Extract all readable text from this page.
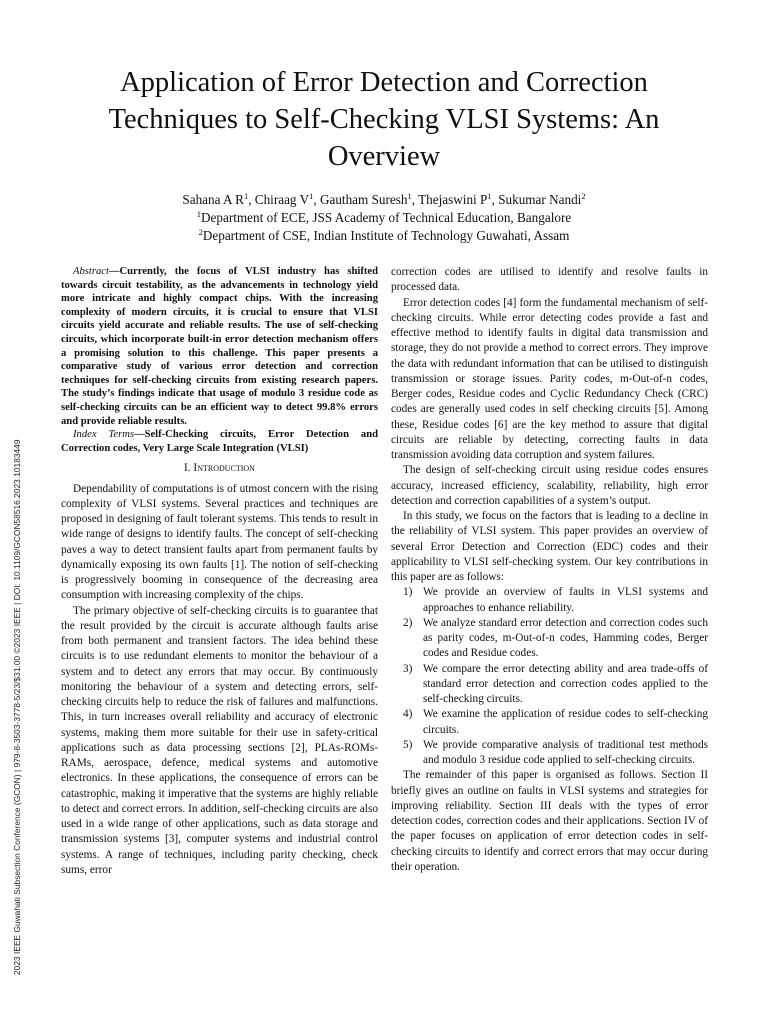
2023 IEEE Guwahati Subsection Conference (GCON) | 979-8-3503-3778-5/23/$31.00 ©2023 IEEE | DOI: 10.1109/GCON58516.2023.10183449
Application of Error Detection and Correction Techniques to Self-Checking VLSI Systems: An Overview
Sahana A $R^1$, Chiraag $V^1$, Gautham Suresh$^1$, Thejaswini $P^1$, Sukumar Nandi$^2$
$^1$Department of ECE, JSS Academy of Technical Education, Bangalore
$^2$Department of CSE, Indian Institute of Technology Guwahati, Assam

Abstract—Currently, the focus of VLSI industry has shifted towards circuit testability, as the advancements in technology yield more intricate and highly compact chips. With the increasing complexity of modern circuits, it is crucial to ensure that VLSI circuits yield accurate and reliable results. The use of self-checking circuits, which incorporate built-in error detection mechanism offers a promising solution to this challenge. This paper presents a comparative study of various error detection and correction techniques for self-checking circuits from existing research papers. The study’s findings indicate that usage of modulo 3 residue code as self-checking circuits can be an efficient way to detect 99.8% errors and provide reliable results.

Index Terms—Self-Checking circuits, Error Detection and Correction codes, Very Large Scale Integration (VLSI)

I. Introduction

Dependability of computations is of utmost concern with the rising complexity of VLSI systems. Several practices and techniques are proposed in designing of fault tolerant systems. This tends to result in wide range of designs to identify faults. The concept of self-checking paves a way to detect transient faults apart from permanent faults by dynamically exposing its own faults [1]. The notion of self-checking is progressively booming in consequence of the decreasing area consumption with increasing complexity of the chips.

The primary objective of self-checking circuits is to guarantee that the result provided by the circuit is accurate although faults arise from both permanent and transient factors. The idea behind these circuits is to use redundant elements to monitor the behaviour of a system and to detect any errors that may occur. By continuously monitoring the behaviour of a system and detecting errors, self-checking circuits help to reduce the risk of failures and malfunctions. This, in turn increases overall reliability and accuracy of electronic systems, making them more suitable for their use in safety-critical applications such as data processing sections [2], PLAs-ROMs-RAMs, aerospace, defence, medical systems and automotive electronics. In these applications, the consequence of errors can be catastrophic, making it imperative that the systems are highly reliable to detect and correct errors. In addition, self-checking circuits are also used in a wide range of other applications, such as data storage and transmission systems [3], computer systems and industrial control systems. A range of techniques, including parity checking, check sums, error

correction codes are utilised to identify and resolve faults in processed data.

Error detection codes [4] form the fundamental mechanism of self-checking circuits. While error detecting codes provide a fast and effective method to identify faults in digital data transmission and storage, they do not provide a method to correct errors. They improve the data with redundant information that can be utilised to distinguish transmission or storage issues. Parity codes, m-Out-of-n codes, Berger codes, Residue codes and Cyclic Redundancy Check (CRC) codes are generally used codes in self checking circuits [5]. Among these, Residue codes [6] are the key method to assure that digital circuits are reliable by detecting, correcting faults in data transmission avoiding data corruption and system failures.

The design of self-checking circuit using residue codes ensures accuracy, increased efficiency, scalability, reliability, high error detection and correction capabilities of a system’s output.

In this study, we focus on the factors that is leading to a decline in the reliability of VLSI system. This paper provides an overview of several Error Detection and Correction (EDC) codes and their applicability to VLSI self-checking system. Our key contributions in this paper are as follows:

1) We provide an overview of faults in VLSI systems and approaches to enhance reliability.
2) We analyze standard error detection and correction codes such as parity codes, m-Out-of-n codes, Hamming codes, Berger codes and Residue codes.
3) We compare the error detecting ability and area trade-offs of standard error detection and correction codes applied to the self-checking circuits.
4) We examine the application of residue codes to self-checking circuits.
5) We provide comparative analysis of traditional test methods and modulo 3 residue code applied to self-checking circuits.

The remainder of this paper is organised as follows. Section II briefly gives an outline on faults in VLSI systems and strategies for improving reliability. Section III deals with the types of error detection codes, correction codes and their applications. Section IV of the paper focuses on application of error detection codes in self-checking circuits to identify and correct errors that may occur during their operation.
